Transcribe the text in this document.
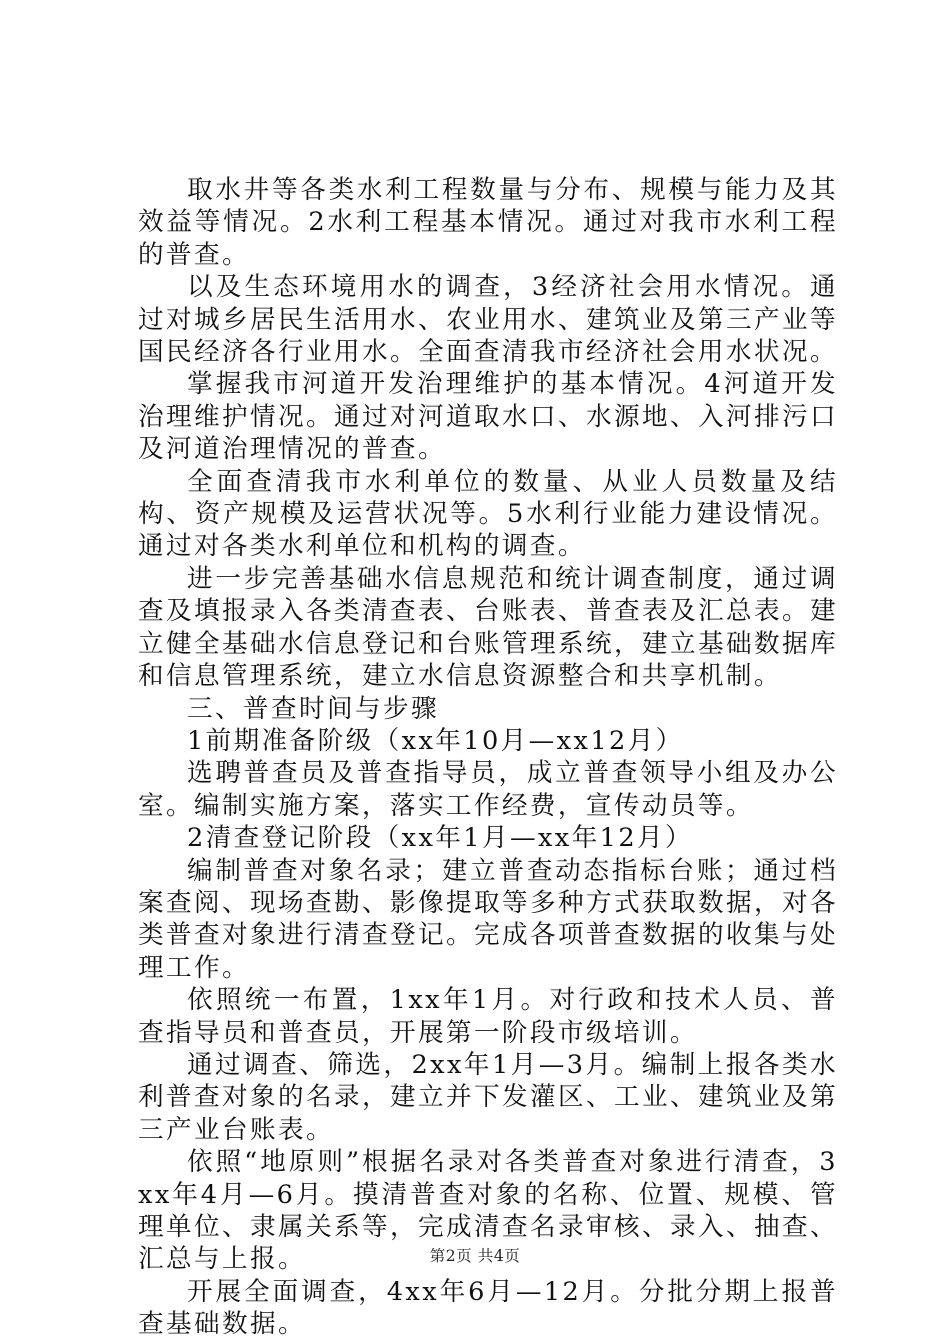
取水井等各类水利工程数量与分布、规模与能力及其效益等情况。2水利工程基本情况。通过对我市水利工程的普查。

以及生态环境用水的调查，3经济社会用水情况。通过对城乡居民生活用水、农业用水、建筑业及第三产业等国民经济各行业用水。全面查清我市经济社会用水状况。

掌握我市河道开发治理维护的基本情况。4河道开发治理维护情况。通过对河道取水口、水源地、入河排污口及河道治理情况的普查。

全面查清我市水利单位的数量、从业人员数量及结构、资产规模及运营状况等。5水利行业能力建设情况。通过对各类水利单位和机构的调查。

进一步完善基础水信息规范和统计调查制度，通过调查及填报录入各类清查表、台账表、普查表及汇总表。建立健全基础水信息登记和台账管理系统，建立基础数据库和信息管理系统，建立水信息资源整合和共享机制。

三、普查时间与步骤

1前期准备阶级（xx年10月—xx12月）

选聘普查员及普查指导员，成立普查领导小组及办公室。编制实施方案，落实工作经费，宣传动员等。

2清查登记阶段（xx年1月—xx年12月）

编制普查对象名录；建立普查动态指标台账；通过档案查阅、现场查勘、影像提取等多种方式获取数据，对各类普查对象进行清查登记。完成各项普查数据的收集与处理工作。

依照统一布置，1xx年1月。对行政和技术人员、普查指导员和普查员，开展第一阶段市级培训。

通过调查、筛选，2xx年1月—3月。编制上报各类水利普查对象的名录，建立并下发灌区、工业、建筑业及第三产业台账表。

依照“地原则”根据名录对各类普查对象进行清查，3xx年4月—6月。摸清普查对象的名称、位置、规模、管理单位、隶属关系等，完成清查名录审核、录入、抽查、汇总与上报。

开展全面调查，4xx年6月—12月。分批分期上报普查基础数据。

第2页 共4页
